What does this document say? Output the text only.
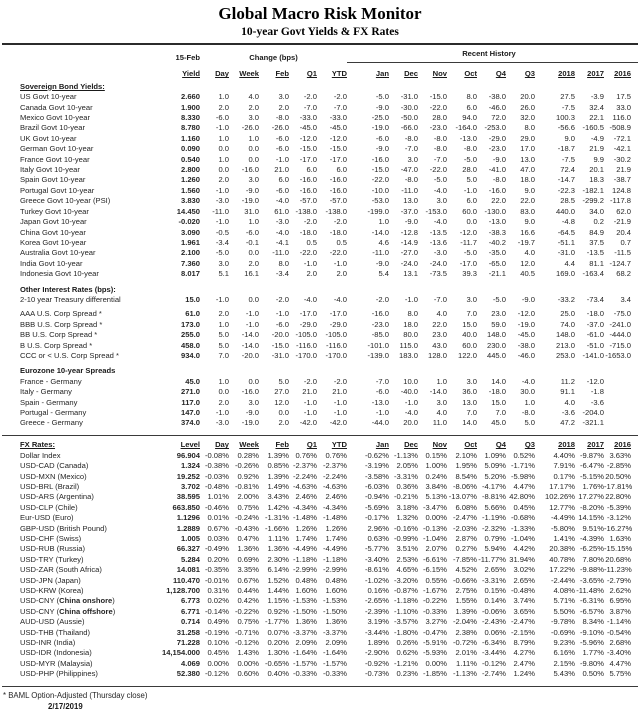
Global Macro Risk Monitor
10-year Govt Yields & FX Rates
	15-Feb	Change (bps)					Recent History								
	Yield	Day	Week	Feb	Q1	YTD	Jan	Dec	Nov	Oct	Q4	Q3	2018	2017	2016
Sovereign Bond Yields:															
US Govt 10-year	2.660	1.0	4.0	3.0	-2.0	-2.0	-5.0	-31.0	-15.0	8.0	-38.0	20.0	27.5	-3.9	17.5
Canada Govt 10-year	1.900	2.0	2.0	2.0	-7.0	-7.0	-9.0	-30.0	-22.0	6.0	-46.0	26.0	-7.5	32.4	33.0
Mexico Govt 10-year	8.330	-6.0	3.0	-8.0	-33.0	-33.0	-25.0	-50.0	28.0	94.0	72.0	32.0	100.3	22.1	116.0
Brazil Govt 10-year	8.780	-1.0	-26.0	-26.0	-45.0	-45.0	-19.0	-66.0	-23.0	-164.0	-253.0	8.0	-56.6	-160.5	-508.9
UK Govt 10-year	1.160	1.0	1.0	-6.0	-12.0	-12.0	-6.0	-8.0	-8.0	-13.0	-29.0	29.0	9.0	-4.9	-72.1
German Govt 10-year	0.090	0.0	0.0	-6.0	-15.0	-15.0	-9.0	-7.0	-8.0	-8.0	-23.0	17.0	-18.7	21.9	-42.1
France Govt 10-year	0.540	1.0	0.0	-1.0	-17.0	-17.0	-16.0	3.0	-7.0	-5.0	-9.0	13.0	-7.5	9.9	-30.2
Italy Govt 10-year	2.800	0.0	-16.0	21.0	6.0	6.0	-15.0	-47.0	-22.0	28.0	-41.0	47.0	72.4	20.1	21.9
Spain Govt 10-year	1.260	2.0	3.0	6.0	-16.0	-16.0	-22.0	-8.0	-5.0	5.0	-8.0	18.0	-14.7	18.3	-38.7
Portugal Govt 10-year	1.560	-1.0	-9.0	-6.0	-16.0	-16.0	-10.0	-11.0	-4.0	-1.0	-16.0	9.0	-22.3	-182.1	124.8
Greece Govt 10-year (PSI)	3.830	-3.0	-19.0	-4.0	-57.0	-57.0	-53.0	13.0	3.0	6.0	22.0	22.0	28.5	-299.2	-117.8
Turkey Govt 10-year	14.450	-11.0	31.0	61.0	-138.0	-138.0	-199.0	-37.0	-153.0	60.0	-130.0	83.0	440.0	34.0	62.0
Japan Govt 10-year	-0.020	-1.0	1.0	-3.0	-2.0	-2.0	1.0	-9.0	-4.0	0.0	-13.0	9.0	-4.8	0.2	-21.9
China Govt 10-year	3.090	-0.5	-6.0	-4.0	-18.0	-18.0	-14.0	-12.8	-13.5	-12.0	-38.3	16.6	-64.5	84.9	20.4
Korea Govt 10-year	1.961	-3.4	-0.1	-4.1	0.5	0.5	4.6	-14.9	-13.6	-11.7	-40.2	-19.7	-51.1	37.5	0.7
Australia Govt 10-year	2.100	-5.0	0.0	-11.0	-22.0	-22.0	-11.0	-27.0	-3.0	-5.0	-35.0	4.0	-31.0	-13.5	-11.5
India Govt 10-year	7.360	3.0	2.0	8.0	-1.0	-1.0	-9.0	-24.0	-24.0	-17.0	-65.0	12.0	4.4	81.1	-124.7
Indonesia Govt 10-year	8.017	5.1	16.1	-3.4	2.0	2.0	5.4	13.1	-73.5	39.3	-21.1	40.5	169.0	-163.4	68.2

Other Interest Rates (bps):															
2-10 year Treasury differential	15.0	-1.0	0.0	-2.0	-4.0	-4.0	-2.0	-1.0	-7.0	3.0	-5.0	-9.0	-33.2	-73.4	3.4
AAA U.S. Corp Spread *	61.0	2.0	-1.0	-1.0	-17.0	-17.0	-16.0	8.0	4.0	7.0	23.0	-12.0	25.0	-18.0	-75.0
BBB U.S. Corp Spread *	173.0	1.0	-1.0	-6.0	-29.0	-29.0	-23.0	18.0	22.0	15.0	59.0	-19.0	74.0	-37.0	-241.0
BB U.S. Corp Spread *	255.0	5.0	-14.0	-20.0	-105.0	-105.0	-85.0	80.0	23.0	40.0	148.0	-45.0	148.0	-61.0	-444.0
B U.S. Corp Spread *	458.0	5.0	-14.0	-15.0	-116.0	-116.0	-101.0	115.0	43.0	60.0	230.0	-38.0	213.0	-51.0	-715.0
CCC or < U.S. Corp Spread *	934.0	7.0	-20.0	-31.0	-170.0	-170.0	-139.0	183.0	128.0	122.0	445.0	-46.0	253.0	-141.0	-1653.0

Eurozone 10-year Spreads															
France - Germany	45.0	1.0	0.0	5.0	-2.0	-2.0	-7.0	10.0	1.0	3.0	14.0	-4.0	11.2	-12.0	
Italy - Germany	271.0	0.0	-16.0	27.0	21.0	21.0	-6.0	-40.0	-14.0	36.0	-18.0	30.0	91.1	-1.8	
Spain - Germany	117.0	2.0	3.0	12.0	-1.0	-1.0	-13.0	-1.0	3.0	13.0	15.0	1.0	4.0	-3.6	
Portugal - Germany	147.0	-1.0	-9.0	0.0	-1.0	-1.0	-1.0	-4.0	4.0	7.0	7.0	-8.0	-3.6	-204.0	
Greece - Germany	374.0	-3.0	-19.0	2.0	-42.0	-42.0	-44.0	20.0	11.0	14.0	45.0	5.0	47.2	-321.1	

FX Rates:	Level	Day	Week	Feb	Q1	YTD	Jan	Dec	Nov	Oct	Q4	Q3	2018	2017	2016
Dollar Index	96.904	-0.08%	0.28%	1.39%	0.76%	0.76%	-0.62%	-1.13%	0.15%	2.10%	1.09%	0.52%	4.40%	-9.87%	3.63%
USD-CAD (Canada)	1.324	-0.38%	-0.26%	0.85%	-2.37%	-2.37%	-3.19%	2.05%	1.00%	1.95%	5.09%	-1.71%	7.91%	-6.47%	-2.85%
USD-MXN (Mexico)	19.252	-0.03%	0.92%	1.39%	-2.24%	-2.24%	-3.58%	-3.31%	0.24%	8.54%	5.20%	-5.98%	0.17%	-5.15%	20.50%
USD-BRL (Brazil)	3.702	-0.48%	-0.81%	1.49%	-4.63%	-4.63%	-6.03%	0.36%	3.84%	-8.06%	-4.17%	4.47%	17.17%	1.76%	-17.81%
USD-ARS (Argentina)	38.595	1.01%	2.00%	3.43%	2.46%	2.46%	-0.94%	-0.21%	5.13%	-13.07%	-8.81%	42.80%	102.26%	17.27%	22.80%
USD-CLP (Chile)	663.850	-0.46%	0.75%	1.42%	-4.34%	-4.34%	-5.69%	3.18%	-3.47%	6.08%	5.66%	0.45%	12.77%	-8.20%	-5.39%
Eur-USD (Euro)	1.1296	0.01%	-0.24%	-1.31%	-1.48%	-1.48%	-0.17%	1.32%	0.00%	-2.47%	-1.19%	-0.68%	-4.49%	14.15%	-3.12%
GBP-USD (British Pound)	1.2889	0.67%	-0.43%	-1.66%	1.26%	1.26%	2.96%	-0.16%	-0.13%	-2.03%	-2.32%	-1.33%	-5.80%	9.51%	-16.27%
USD-CHF (Swiss)	1.005	0.03%	0.47%	1.11%	1.74%	1.74%	0.63%	-0.99%	-1.04%	2.87%	0.79%	-1.04%	1.41%	-4.39%	1.63%
USD-RUB (Russia)	66.327	-0.49%	1.36%	1.36%	-4.49%	-4.49%	-5.77%	3.51%	2.07%	0.27%	5.94%	4.42%	20.38%	-6.25%	-15.15%
USD-TRY (Turkey)	5.284	0.20%	0.69%	2.30%	-1.18%	-1.18%	-3.40%	2.53%	-6.61%	-7.85%	-11.77%	31.94%	40.78%	7.80%	20.68%
USD-ZAR (South Africa)	14.081	-0.35%	3.35%	6.14%	-2.99%	-2.99%	-8.61%	4.65%	-6.15%	4.52%	2.65%	3.02%	17.22%	-9.88%	-11.23%
USD-JPN (Japan)	110.470	-0.01%	0.67%	1.52%	0.48%	0.48%	-1.02%	-3.20%	0.55%	-0.66%	-3.31%	2.65%	-2.44%	-3.65%	-2.79%
USD-KRW (Korea)	1,128.700	0.31%	0.44%	1.44%	1.60%	1.60%	0.16%	-0.87%	-1.67%	2.75%	0.15%	-0.48%	4.08%	-11.48%	2.62%
USD-CNY (China onshore)	6.773	0.02%	0.42%	1.15%	-1.53%	-1.53%	-2.65%	-1.18%	-0.22%	1.55%	0.14%	3.74%	5.71%	-6.31%	6.95%
USD-CNY (China offshore)	6.771	-0.14%	-0.22%	0.92%	-1.50%	-1.50%	-2.39%	-1.10%	-0.33%	1.39%	-0.06%	3.65%	5.50%	-6.57%	3.87%
AUD-USD (Aussie)	0.714	0.49%	0.75%	-1.77%	1.36%	1.36%	3.19%	-3.57%	3.27%	-2.04%	-2.43%	-2.47%	-9.78%	8.34%	-1.14%
USD-THB (Thailand)	31.258	-0.19%	-0.71%	0.07%	-3.37%	-3.37%	-3.44%	-1.80%	-0.47%	2.38%	0.06%	-2.15%	-0.69%	-9.10%	-0.54%
USD-INR (India)	71.228	0.10%	-0.12%	0.20%	2.09%	2.09%	1.89%	0.26%	-5.91%	-0.72%	-6.34%	8.79%	9.23%	-5.96%	2.68%
USD-IDR (Indonesia)	14,154.000	0.45%	1.43%	1.30%	-1.64%	-1.64%	-2.90%	0.62%	-5.93%	2.01%	-3.44%	4.27%	6.16%	1.77%	-3.40%
USD-MYR (Malaysia)	4.069	0.00%	0.00%	-0.65%	-1.57%	-1.57%	-0.92%	-1.21%	0.00%	1.11%	-0.12%	2.47%	2.15%	-9.80%	4.47%
USD-PHP (Philippines)	52.380	-0.12%	0.60%	0.40%	-0.33%	-0.33%	-0.73%	0.23%	-1.85%	-1.13%	-2.74%	1.24%	5.43%	0.50%	5.75%
* BAML Option-Adjusted (Thursday close)
2/17/2019
